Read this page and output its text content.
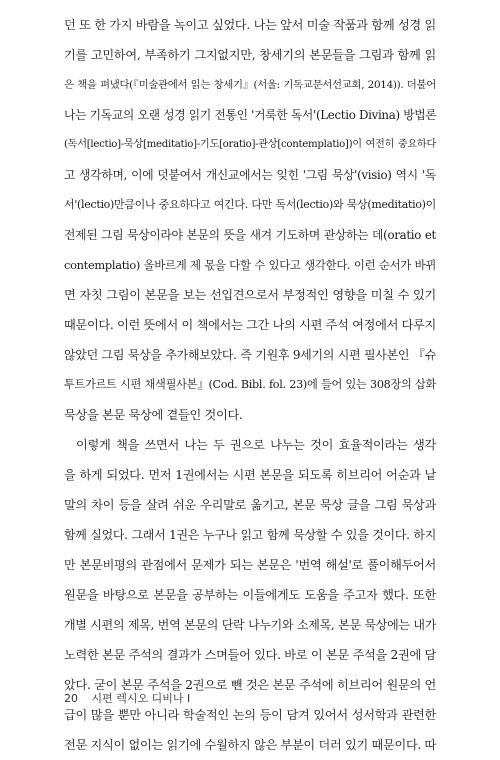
던 또 한 가지 바람을 녹이고 싶었다. 나는 앞서 미술 작품과 함께 성경 읽
기를 고민하여, 부족하기 그지없지만, 창세기의 본문들을 그림과 함께 읽
은 책을 펴냈다(『미술관에서 읽는 창세기』(서울: 기독교문서선교회, 2014)). 더불어
나는 기독교의 오랜 성경 읽기 전통인 '거룩한 독서'(Lectio Divina) 방법론
(독서[lectio]-묵상[meditatio]-기도[oratio]-관상[contemplatio])이 여전히 중요하다
고 생각하며, 이에 덧붙여서 개신교에서는 잊힌 '그림 묵상'(visio) 역시 '독
서'(lectio)만큼이나 중요하다고 여긴다. 다만 독서(lectio)와 묵상(meditatio)이
전제된 그림 묵상이라야 본문의 뜻을 새겨 기도하며 관상하는 데(oratio et
contemplatio) 올바르게 제 몫을 다할 수 있다고 생각한다. 이런 순서가 바뀌
면 자칫 그림이 본문을 보는 선입견으로서 부정적인 영향을 미칠 수 있기
때문이다. 이런 뜻에서 이 책에서는 그간 나의 시편 주석 여정에서 다루지
않았던 그림 묵상을 추가해보았다. 즉 기원후 9세기의 시편 필사본인 『슈
투트가르트 시편 채색필사본』(Cod. Bibl. fol. 23)에 들어 있는 308장의 삽화
묵상을 본문 묵상에 곁들인 것이다.
이렇게 책을 쓰면서 나는 두 권으로 나누는 것이 효율적이라는 생각
을 하게 되었다. 먼저 1권에서는 시편 본문을 되도록 히브리어 어순과 낱
말의 차이 등을 살려 쉬운 우리말로 옮기고, 본문 묵상 글을 그림 묵상과
함께 실었다. 그래서 1권은 누구나 읽고 함께 묵상할 수 있을 것이다. 하지
만 본문비평의 관점에서 문제가 되는 본문은 '번역 해설'로 풀이해두어서
원문을 바탕으로 본문을 공부하는 이들에게도 도움을 주고자 했다. 또한
개별 시편의 제목, 번역 본문의 단락 나누기와 소제목, 본문 묵상에는 내가
노력한 본문 주석의 결과가 스며들어 있다. 바로 이 본문 주석을 2권에 담
았다. 굳이 본문 주석을 2권으로 뺀 것은 본문 주석에 히브리어 원문의 언
급이 많을 뿐만 아니라 학술적인 논의 등이 담겨 있어서 성서학과 관련한
전문 지식이 없이는 읽기에 수월하지 않은 부분이 더러 있기 때문이다. 따
20 시편 렉시오 디비나 I
